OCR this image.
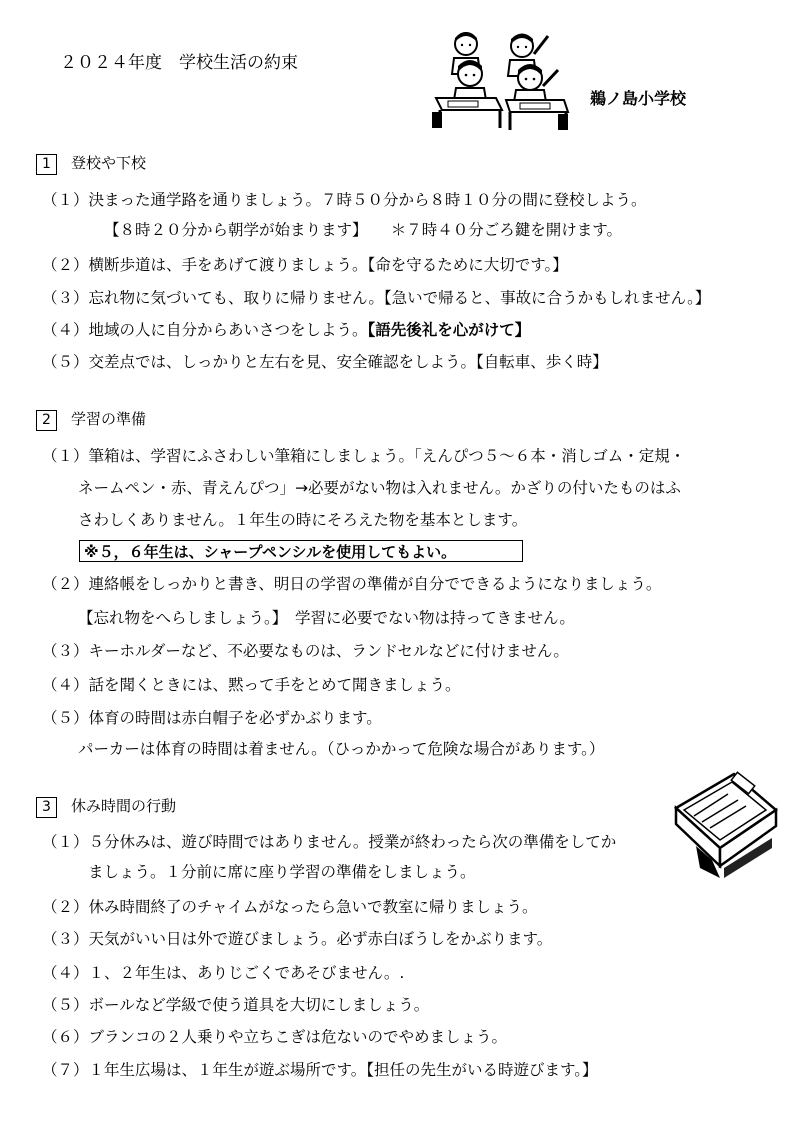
２０２４年度　学校生活の約束
鵜ノ島小学校
1 登校や下校
（１）決まった通学路を通りましょう。７時５０分から８時１０分の間に登校しよう。
【８時２０分から朝学が始まります】　　＊７時４０分ごろ鍵を開けます。
（２）横断歩道は、手をあげて渡りましょう。【命を守るために大切です。】
（３）忘れ物に気づいても、取りに帰りません。【急いで帰ると、事故に合うかもしれません。】
（４）地域の人に自分からあいさつをしよう。【語先後礼を心がけて】
（５）交差点では、しっかりと左右を見、安全確認をしよう。【自転車、歩く時】
2 学習の準備
（１）筆箱は、学習にふさわしい筆箱にしましょう。「えんぴつ５～６本・消しゴム・定規・
ネームペン・赤、青えんぴつ」→必要がない物は入れません。かざりの付いたものはふ
さわしくありません。１年生の時にそろえた物を基本とします。
※５，６年生は、シャープペンシルを使用してもよい。
（２）連絡帳をしっかりと書き、明日の学習の準備が自分でできるようになりましょう。
【忘れ物をへらしましょう。】　学習に必要でない物は持ってきません。
（３）キーホルダーなど、不必要なものは、ランドセルなどに付けません。
（４）話を聞くときには、黙って手をとめて聞きましょう。
（５）体育の時間は赤白帽子を必ずかぶります。
パーカーは体育の時間は着ません。（ひっかかって危険な場合があります。）
3 休み時間の行動
（１）５分休みは、遊び時間ではありません。授業が終わったら次の準備をしてか
ましょう。１分前に席に座り学習の準備をしましょう。
（２）休み時間終了のチャイムがなったら急いで教室に帰りましょう。
（３）天気がいい日は外で遊びましょう。必ず赤白ぼうしをかぶります。
（４）１、２年生は、ありじごくであそびません。.
（５）ボールなど学級で使う道具を大切にしましょう。
（６）ブランコの２人乗りや立ちこぎは危ないのでやめましょう。
（７）１年生広場は、１年生が遊ぶ場所です。【担任の先生がいる時遊びます。】
